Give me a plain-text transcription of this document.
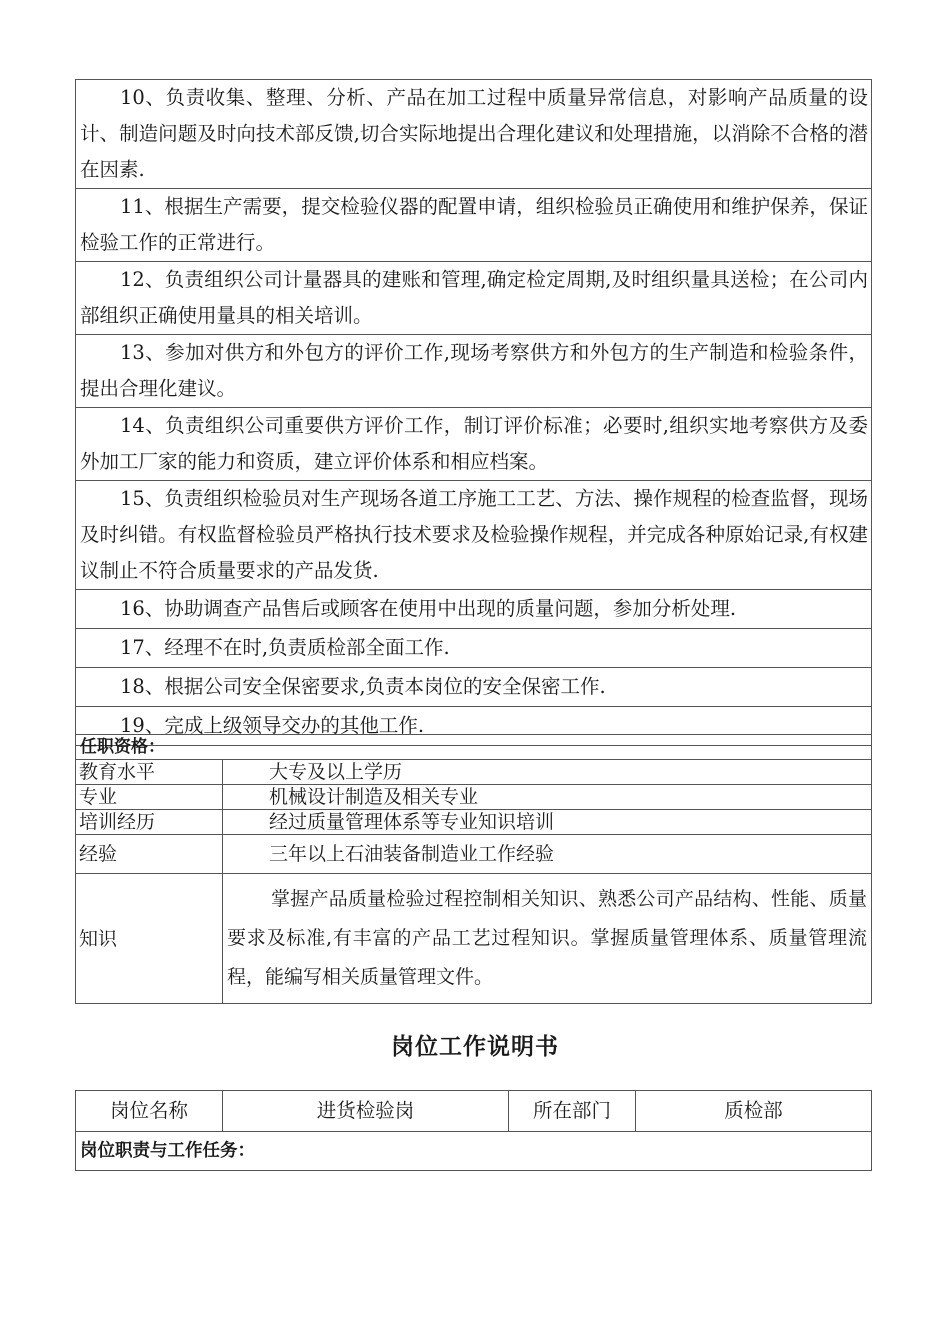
10、负责收集、整理、分析、产品在加工过程中质量异常信息，对影响产品质量的设计、制造问题及时向技术部反馈,切合实际地提出合理化建议和处理措施，以消除不合格的潜在因素.
11、根据生产需要，提交检验仪器的配置申请，组织检验员正确使用和维护保养，保证检验工作的正常进行。
12、负责组织公司计量器具的建账和管理,确定检定周期,及时组织量具送检；在公司内部组织正确使用量具的相关培训。
13、参加对供方和外包方的评价工作,现场考察供方和外包方的生产制造和检验条件，提出合理化建议。
14、负责组织公司重要供方评价工作，制订评价标准；必要时,组织实地考察供方及委外加工厂家的能力和资质，建立评价体系和相应档案。
15、负责组织检验员对生产现场各道工序施工工艺、方法、操作规程的检查监督，现场及时纠错。有权监督检验员严格执行技术要求及检验操作规程，并完成各种原始记录,有权建议制止不符合质量要求的产品发货.
16、协助调查产品售后或顾客在使用中出现的质量问题，参加分析处理.
17、经理不在时,负责质检部全面工作.
18、根据公司安全保密要求,负责本岗位的安全保密工作.
19、完成上级领导交办的其他工作.
任职资格：	
教育水平	大专及以上学历
专业	机械设计制造及相关专业
培训经历	经过质量管理体系等专业知识培训
经验	三年以上石油装备制造业工作经验
知识	掌握产品质量检验过程控制相关知识、熟悉公司产品结构、性能、质量要求及标准,有丰富的产品工艺过程知识。掌握质量管理体系、质量管理流程，能编写相关质量管理文件。
岗位工作说明书
岗位名称	进货检验岗	所在部门	质检部
岗位职责与工作任务：
